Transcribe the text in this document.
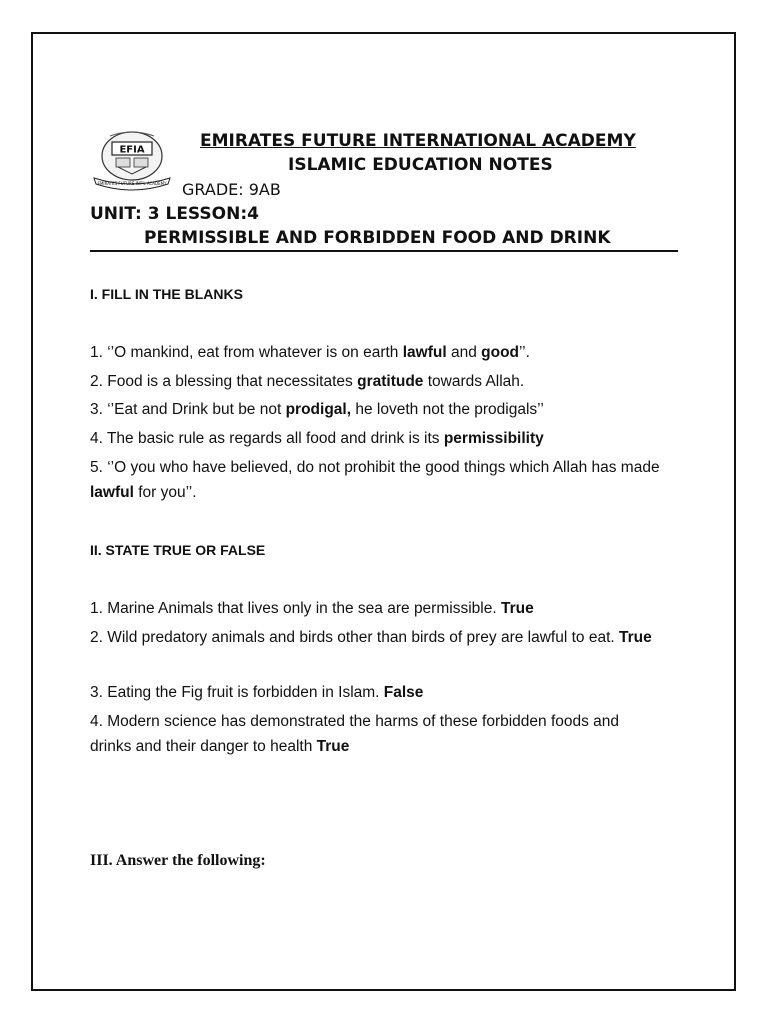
EFIA
EMIRATES FUTURE INT'L ACADEMY
EMIRATES FUTURE INTERNATIONAL ACADEMY
ISLAMIC EDUCATION NOTES
GRADE: 9AB
UNIT: 3 LESSON:4
PERMISSIBLE AND FORBIDDEN FOOD AND DRINK
I. FILL IN THE BLANKS
1. ‘’O mankind, eat from whatever is on earth lawful and good’’.
2. Food is a blessing that necessitates gratitude towards Allah.
3. ‘’Eat and Drink but be not prodigal, he loveth not the prodigals’’
4. The basic rule as regards all food and drink is its permissibility
5. ‘’O you who have believed, do not prohibit the good things which Allah has made lawful for you’’.
II. STATE TRUE OR FALSE
1. Marine Animals that lives only in the sea are permissible. True
2. Wild predatory animals and birds other than birds of prey are lawful to eat. True
3. Eating the Fig fruit is forbidden in Islam. False
4. Modern science has demonstrated the harms of these forbidden foods and drinks and their danger to health True
III. Answer the following:
